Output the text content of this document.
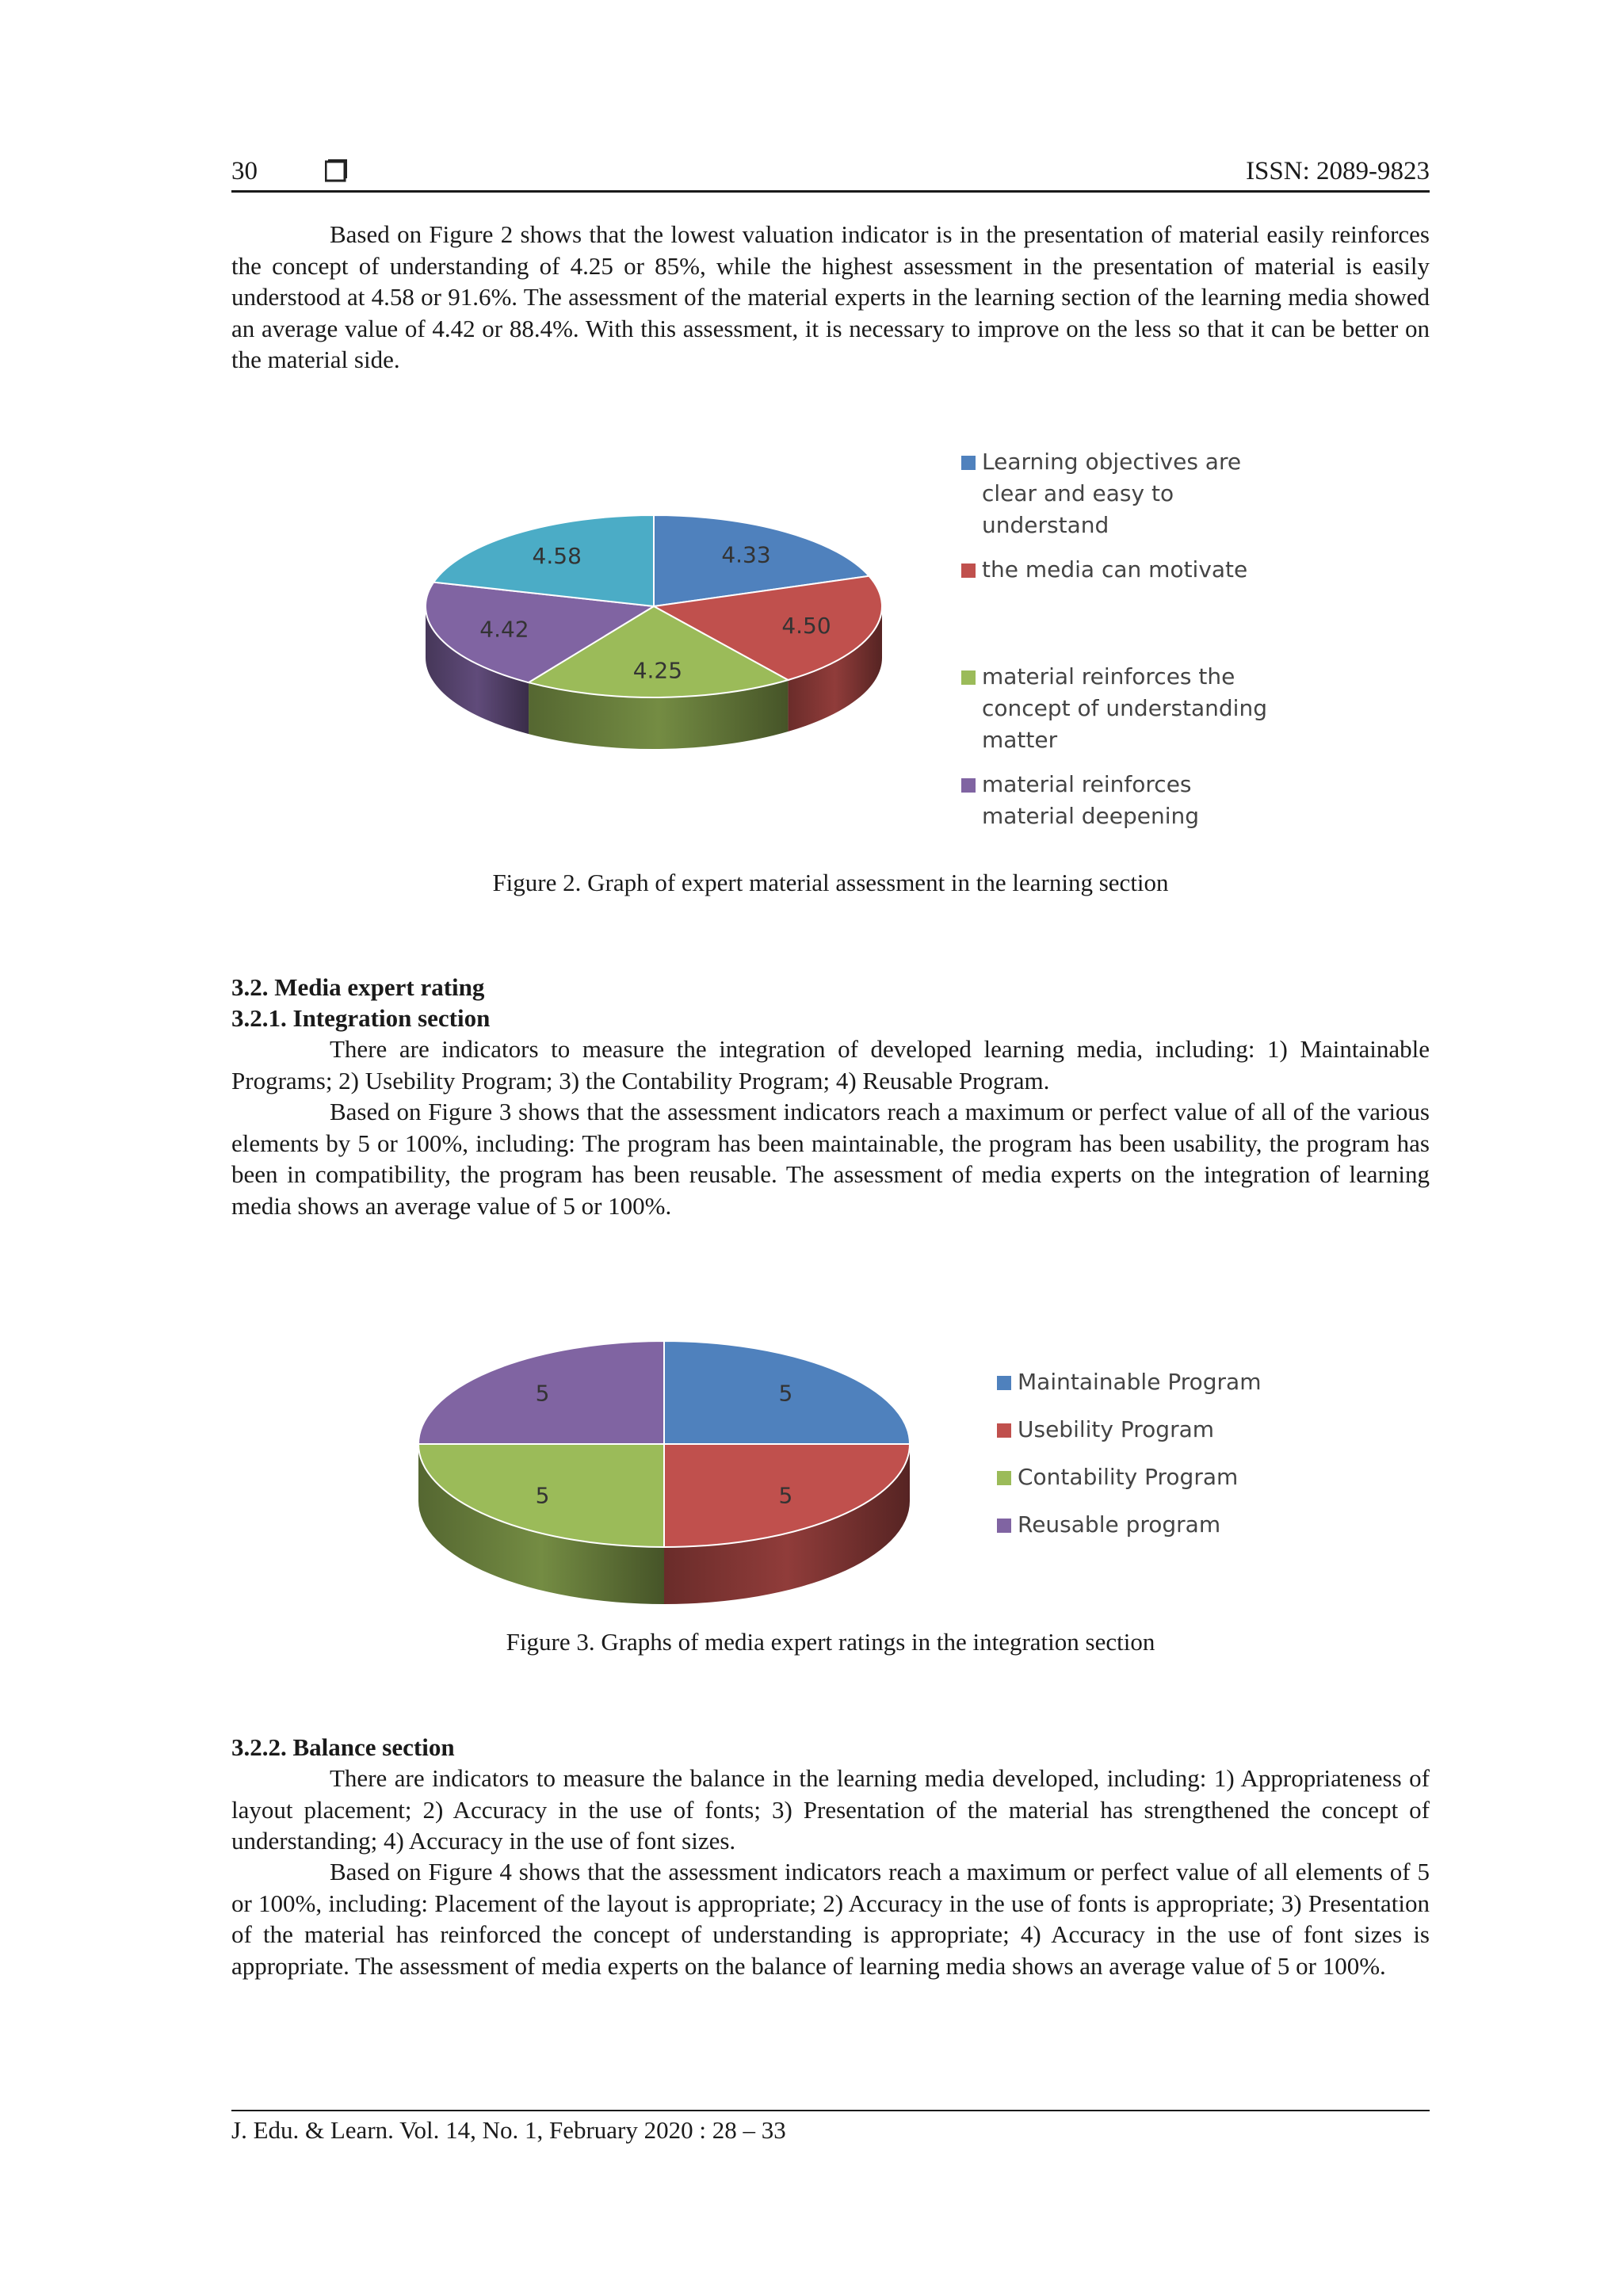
30	ISSN: 2089-9823

Based on Figure 2 shows that the lowest valuation indicator is in the presentation of material easily reinforces the concept of understanding of 4.25 or 85%, while the highest assessment in the presentation of material is easily understood at 4.58 or 91.6%. The assessment of the material experts in the learning section of the learning media showed an average value of 4.42 or 88.4%. With this assessment, it is necessary to improve on the less so that it can be better on the material side.

4.33
4.50
4.25
4.42
4.58
Learning objectives are
clear and easy to
understand
the media can motivate
material reinforces the
concept of understanding
matter
material reinforces
material deepening
Figure 2. Graph of expert material assessment in the learning section
3.2. Media expert rating
3.2.1. Integration section

There are indicators to measure the integration of developed learning media, including: 1) Maintainable Programs; 2) Usebility Program; 3) the Contability Program; 4) Reusable Program.

Based on Figure 3 shows that the assessment indicators reach a maximum or perfect value of all of the various elements by 5 or 100%, including: The program has been maintainable, the program has been usability, the program has been in compatibility, the program has been reusable. The assessment of media experts on the integration of learning media shows an average value of 5 or 100%.

5
5
5
5	Maintainable Program
Usebility Program
Contability Program
Reusable program
Figure 3. Graphs of media expert ratings in the integration section
3.2.2. Balance section

There are indicators to measure the balance in the learning media developed, including: 1) Appropriateness of layout placement; 2) Accuracy in the use of fonts; 3) Presentation of the material has strengthened the concept of understanding; 4) Accuracy in the use of font sizes.

Based on Figure 4 shows that the assessment indicators reach a maximum or perfect value of all elements of 5 or 100%, including: Placement of the layout is appropriate; 2) Accuracy in the use of fonts is appropriate; 3) Presentation of the material has reinforced the concept of understanding is appropriate; 4) Accuracy in the use of font sizes is appropriate. The assessment of media experts on the balance of learning media shows an average value of 5 or 100%.

J. Edu. & Learn. Vol. 14, No. 1, February 2020 : 28 – 33
